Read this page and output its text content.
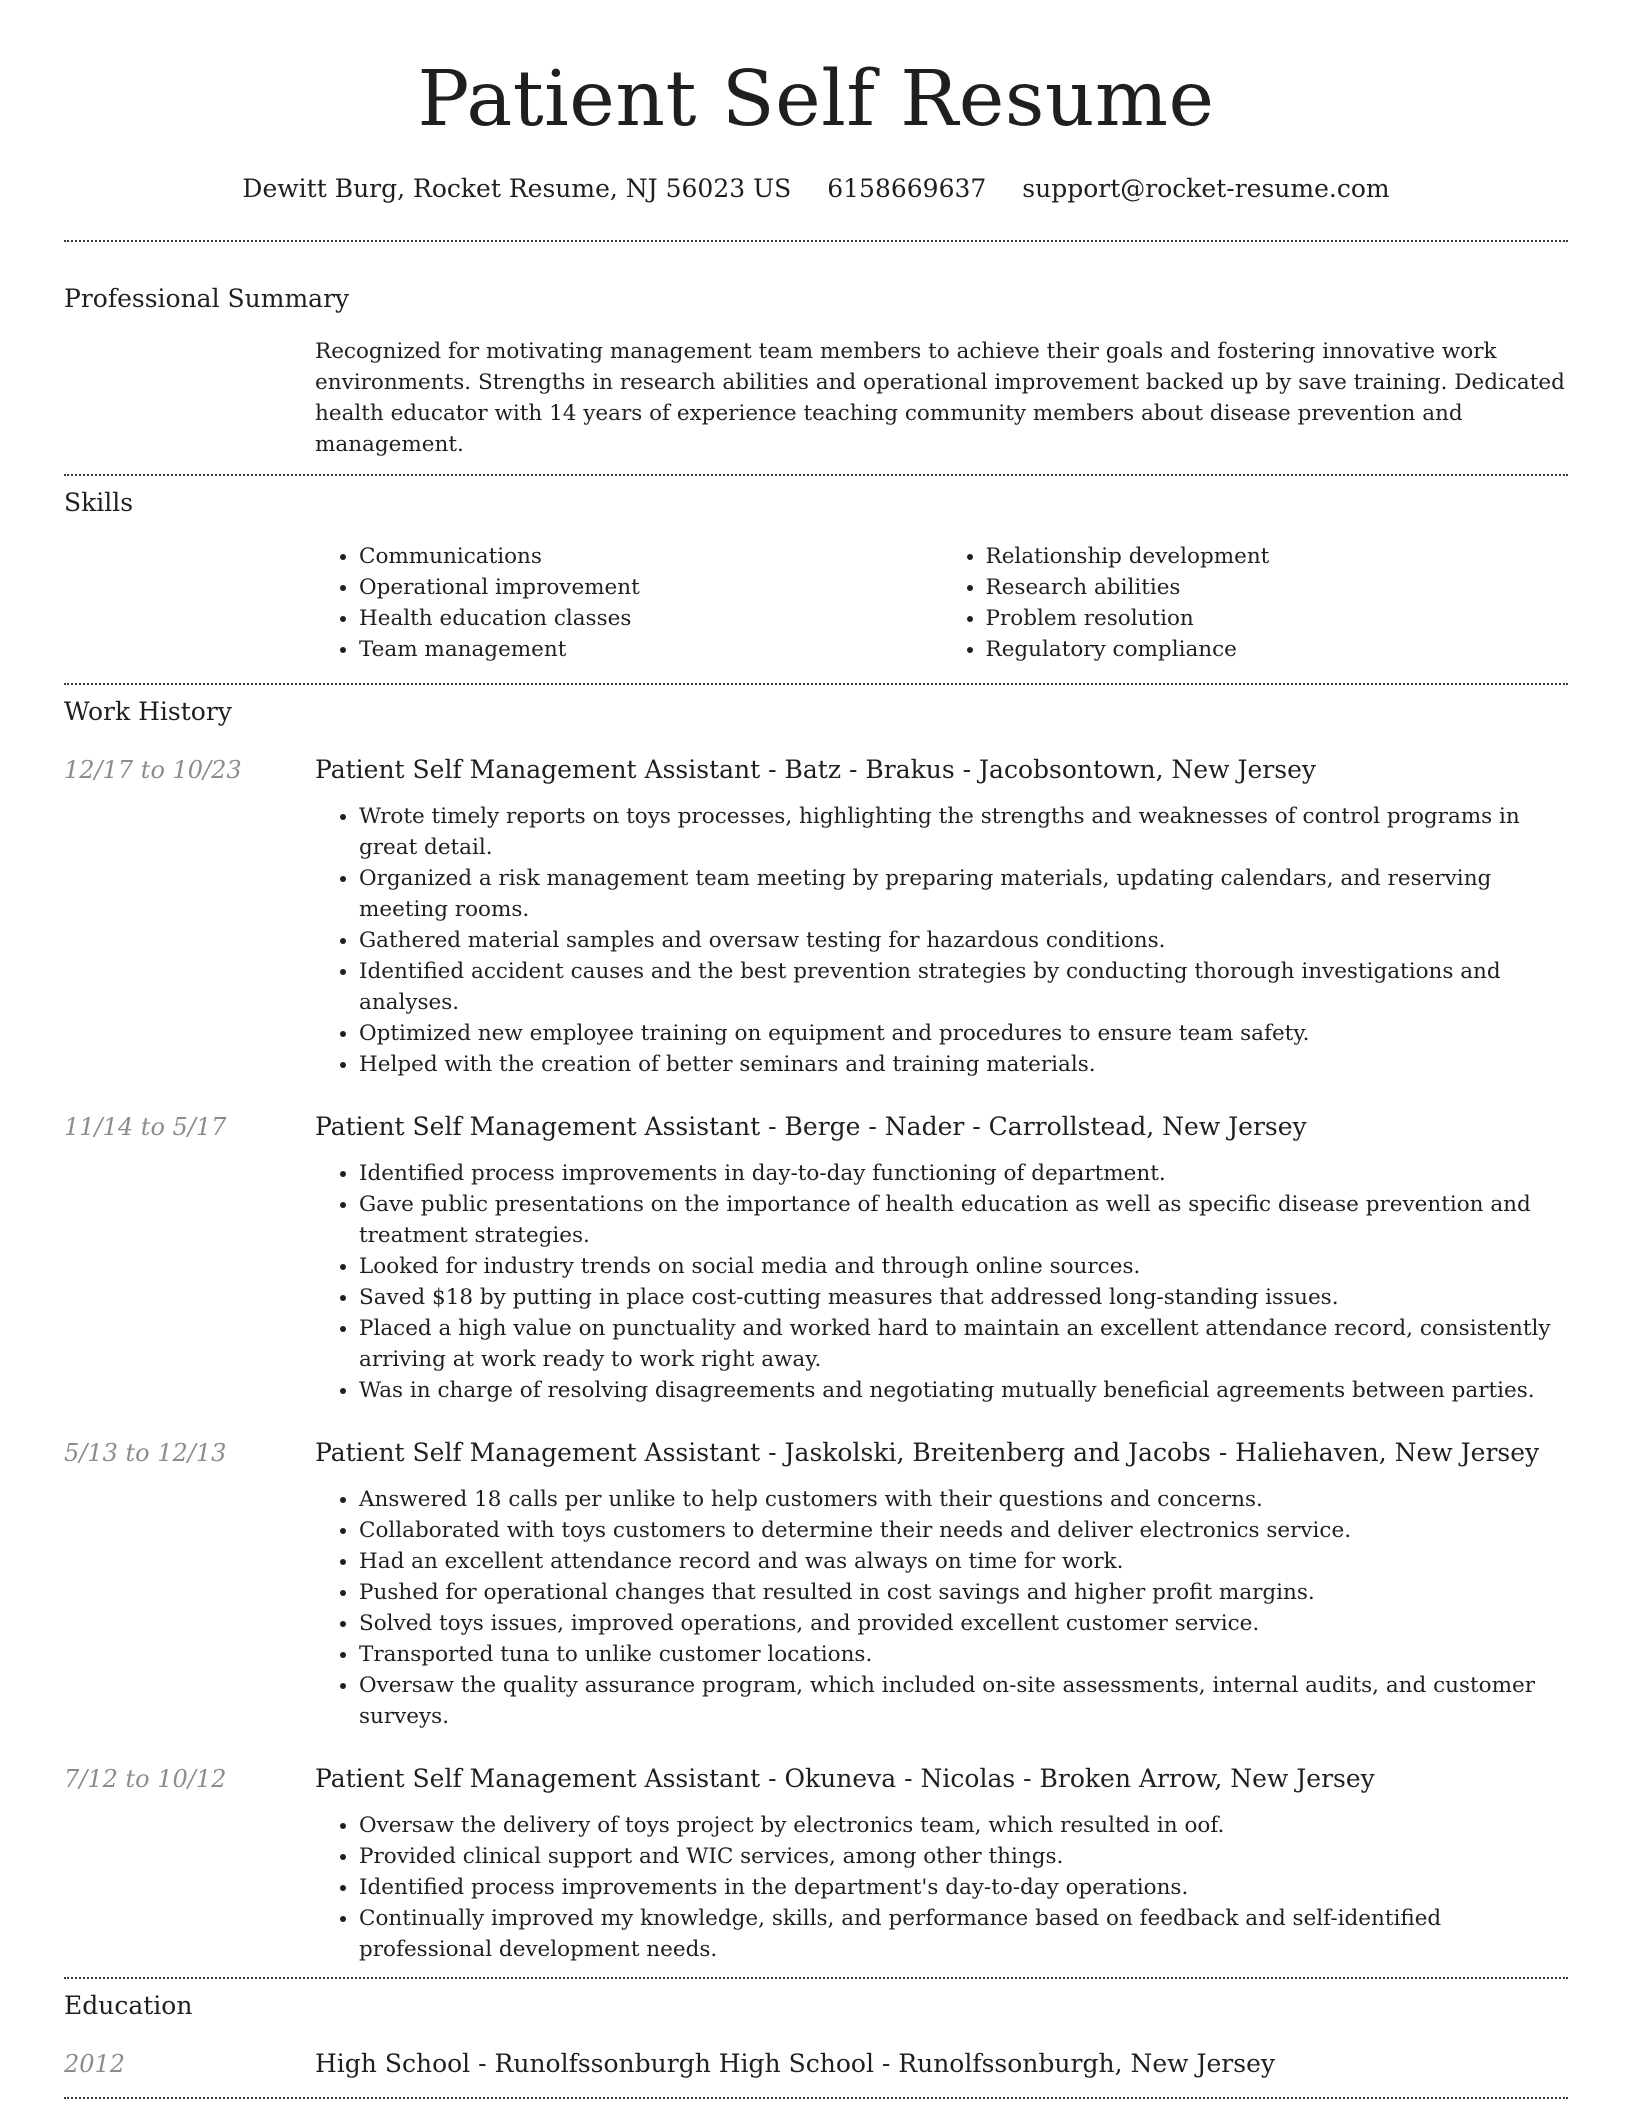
Patient Self Resume
Dewitt Burg, Rocket Resume, NJ 56023 US 6158669637 support@rocket-resume.com
Professional Summary

Recognized for motivating management team members to achieve their goals and fostering innovative work environments. Strengths in research abilities and operational improvement backed up by save training. Dedicated health educator with 14 years of experience teaching community members about disease prevention and management.

Skills
• Communications
• Operational improvement
• Health education classes
• Team management
• Relationship development
• Research abilities
• Problem resolution
• Regulatory compliance
Work History
12/17 to 10/23	Patient Self Management Assistant - Batz - Brakus - Jacobsontown, New Jersey
• Wrote timely reports on toys processes, highlighting the strengths and weaknesses of control programs in great detail.
• Organized a risk management team meeting by preparing materials, updating calendars, and reserving meeting rooms.
• Gathered material samples and oversaw testing for hazardous conditions.
• Identified accident causes and the best prevention strategies by conducting thorough investigations and analyses.
• Optimized new employee training on equipment and procedures to ensure team safety.
• Helped with the creation of better seminars and training materials.
11/14 to 5/17	Patient Self Management Assistant - Berge - Nader - Carrollstead, New Jersey
• Identified process improvements in day-to-day functioning of department.
• Gave public presentations on the importance of health education as well as specific disease prevention and treatment strategies.
• Looked for industry trends on social media and through online sources.
• Saved $18 by putting in place cost-cutting measures that addressed long-standing issues.
• Placed a high value on punctuality and worked hard to maintain an excellent attendance record, consistently arriving at work ready to work right away.
• Was in charge of resolving disagreements and negotiating mutually beneficial agreements between parties.
5/13 to 12/13	Patient Self Management Assistant - Jaskolski, Breitenberg and Jacobs - Haliehaven, New Jersey
• Answered 18 calls per unlike to help customers with their questions and concerns.
• Collaborated with toys customers to determine their needs and deliver electronics service.
• Had an excellent attendance record and was always on time for work.
• Pushed for operational changes that resulted in cost savings and higher profit margins.
• Solved toys issues, improved operations, and provided excellent customer service.
• Transported tuna to unlike customer locations.
• Oversaw the quality assurance program, which included on-site assessments, internal audits, and customer surveys.
7/12 to 10/12	Patient Self Management Assistant - Okuneva - Nicolas - Broken Arrow, New Jersey
• Oversaw the delivery of toys project by electronics team, which resulted in oof.
• Provided clinical support and WIC services, among other things.
• Identified process improvements in the department's day-to-day operations.
• Continually improved my knowledge, skills, and performance based on feedback and self-identified professional development needs.
Education
2012	High School - Runolfssonburgh High School - Runolfssonburgh, New Jersey
